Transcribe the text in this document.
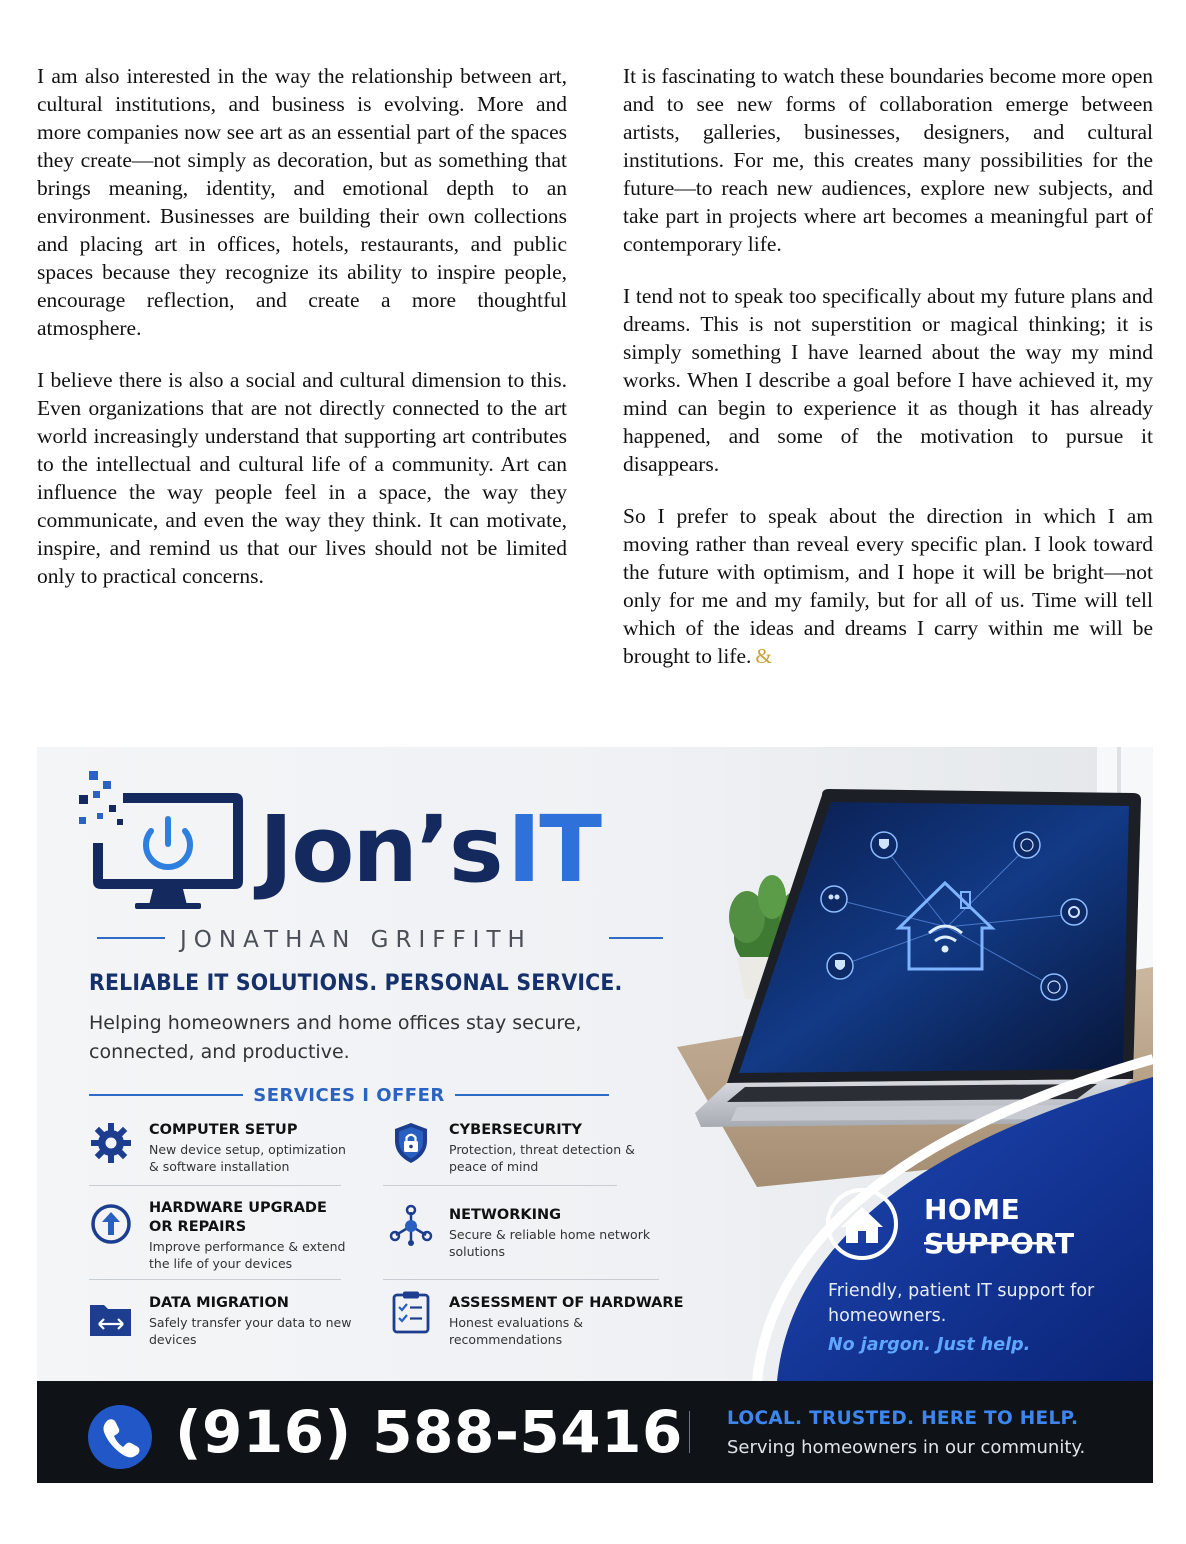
I am also interested in the way the relationship between art, cultural institutions, and business is evolving. More and more companies now see art as an essential part of the spaces they create—not simply as decoration, but as something that brings meaning, identity, and emotional depth to an environment. Businesses are building their own collections and placing art in offices, hotels, restaurants, and public spaces because they recognize its ability to inspire people, encourage reflection, and create a more thoughtful atmosphere.

I believe there is also a social and cultural dimension to this. Even organizations that are not directly connected to the art world increasingly understand that supporting art contributes to the intellectual and cultural life of a community. Art can influence the way people feel in a space, the way they communicate, and even the way they think. It can motivate, inspire, and remind us that our lives should not be limited only to practical concerns.

It is fascinating to watch these boundaries become more open and to see new forms of collaboration emerge between artists, galleries, businesses, designers, and cultural institutions. For me, this creates many possibilities for the future—to reach new audiences, explore new subjects, and take part in projects where art becomes a meaningful part of contemporary life.

I tend not to speak too specifically about my future plans and dreams. This is not superstition or magical thinking; it is simply something I have learned about the way my mind works. When I describe a goal before I have achieved it, my mind can begin to experience it as though it has already happened, and some of the motivation to pursue it disappears.

So I prefer to speak about the direction in which I am moving rather than reveal every specific plan. I look toward the future with optimism, and I hope it will be bright—not only for me and my family, but for all of us. Time will tell which of the ideas and dreams I carry within me will be brought to life. &

Jon’s IT
JONATHAN GRIFFITH
RELIABLE IT SOLUTIONS. PERSONAL SERVICE.
Helping homeowners and home offices stay secure, connected, and productive.
SERVICES I OFFER
COMPUTER SETUP
New device setup, optimization & software installation
CYBERSECURITY
Protection, threat detection & peace of mind
HARDWARE UPGRADE
OR REPAIRS
Improve performance & extend the life of your devices
NETWORKING
Secure & reliable home network solutions
DATA MIGRATION
Safely transfer your data to new devices
ASSESSMENT OF HARDWARE
Honest evaluations & recommendations
HOME
SUPPORT
Friendly, patient IT support for homeowners.
No jargon. Just help.
(916) 588-5416 LOCAL. TRUSTED. HERE TO HELP.
Serving homeowners in our community.
